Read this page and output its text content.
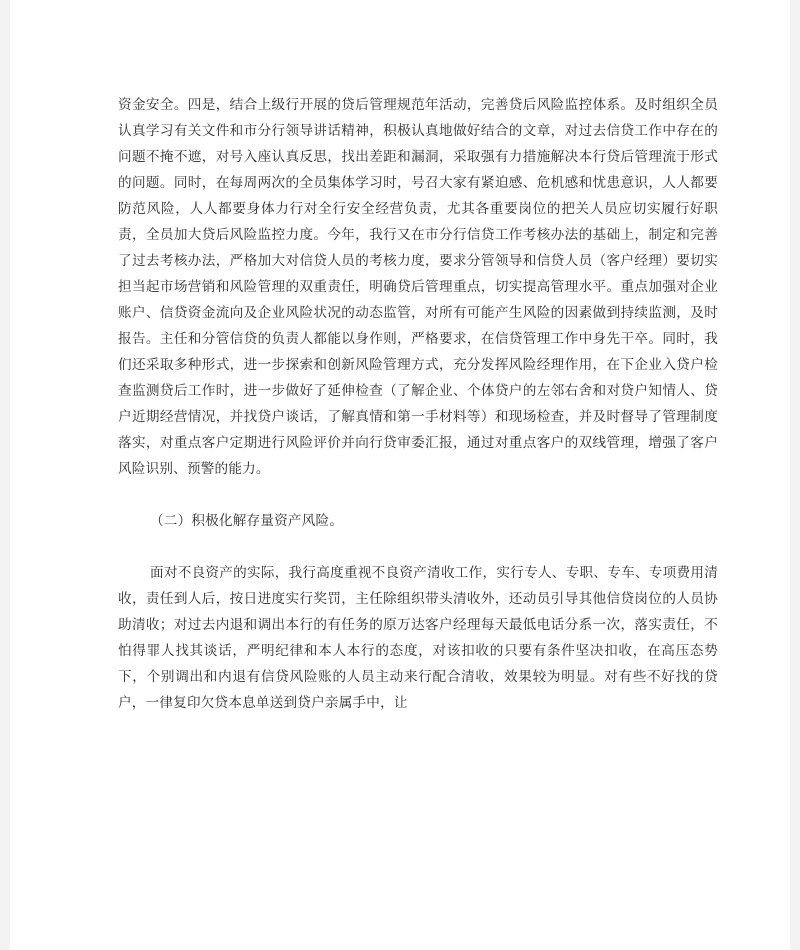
资金安全。四是，结合上级行开展的贷后管理规范年活动，完善贷后风险监控体系。及时组织全员认真学习有关文件和市分行领导讲话精神，积极认真地做好结合的文章，对过去信贷工作中存在的问题不掩不遮，对号入座认真反思，找出差距和漏洞，采取强有力措施解决本行贷后管理流于形式的问题。同时，在每周两次的全员集体学习时，号召大家有紧迫感、危机感和忧患意识，人人都要防范风险，人人都要身体力行对全行安全经营负责，尤其各重要岗位的把关人员应切实履行好职责，全员加大贷后风险监控力度。今年，我行又在市分行信贷工作考核办法的基础上，制定和完善了过去考核办法，严格加大对信贷人员的考核力度，要求分管领导和信贷人员（客户经理）要切实担当起市场营销和风险管理的双重责任，明确贷后管理重点，切实提高管理水平。重点加强对企业账户、信贷资金流向及企业风险状况的动态监管，对所有可能产生风险的因素做到持续监测，及时报告。主任和分管信贷的负责人都能以身作则，严格要求，在信贷管理工作中身先干卒。同时，我们还采取多种形式，进一步探索和创新风险管理方式，充分发挥风险经理作用，在下企业入贷户检查监测贷后工作时，进一步做好了延伸检查（了解企业、个体贷户的左邻右舍和对贷户知情人、贷户近期经营情况，并找贷户谈话，了解真情和第一手材料等）和现场检查，并及时督导了管理制度落实，对重点客户定期进行风险评价并向行贷审委汇报，通过对重点客户的双线管理，增强了客户风险识别、预警的能力。

（二）积极化解存量资产风险。

面对不良资产的实际，我行高度重视不良资产清收工作，实行专人、专职、专车、专项费用清收，责任到人后，按日进度实行奖罚，主任除组织带头清收外，还动员引导其他信贷岗位的人员协助清收；对过去内退和调出本行的有任务的原万达客户经理每天最低电话分系一次，落实责任，不怕得罪人找其谈话，严明纪律和本人本行的态度，对该扣收的只要有条件坚决扣收，在高压态势下，个别调出和内退有信贷风险账的人员主动来行配合清收，效果较为明显。对有些不好找的贷户，一律复印欠贷本息单送到贷户亲属手中，让
